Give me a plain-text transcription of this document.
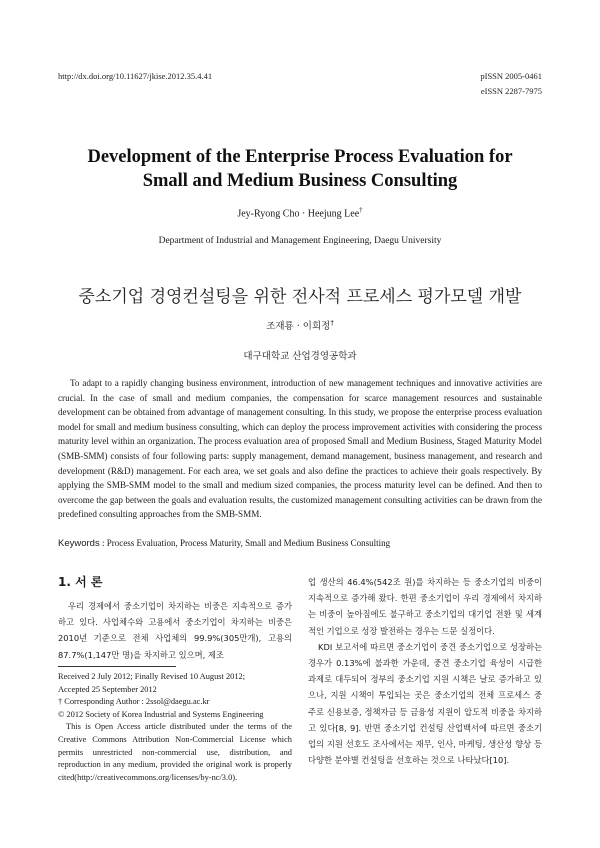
http://dx.doi.org/10.11627/jkise.2012.35.4.41	pISSN 2005-0461
eISSN 2287-7975
Development of the Enterprise Process Evaluation for
Small and Medium Business Consulting
Jey-Ryong Cho · Heejung Lee†
Department of Industrial and Management Engineering, Daegu University
중소기업 경영컨설팅을 위한 전사적 프로세스 평가모델 개발
조재룡 · 이희정†
대구대학교 산업경영공학과

To adapt to a rapidly changing business environment, introduction of new management techniques and innovative activities are crucial. In the case of small and medium companies, the compensation for scarce management resources and sustainable development can be obtained from advantage of management consulting. In this study, we propose the enterprise process evaluation model for small and medium business consulting, which can deploy the process improvement activities with considering the process maturity level within an organization. The process evaluation area of proposed Small and Medium Business, Staged Maturity Model (SMB-SMM) consists of four following parts: supply management, demand management, business management, and research and development (R&D) management. For each area, we set goals and also define the practices to achieve their goals respectively. By applying the SMB-SMM model to the small and medium sized companies, the process maturity level can be defined. And then to overcome the gap between the goals and evaluation results, the customized management consulting activities can be drawn from the predefined consulting approaches from the SMB-SMM.

Keywords : Process Evaluation, Process Maturity, Small and Medium Business Consulting
1. 서 론

우리 경제에서 중소기업이 차지하는 비중은 지속적으로 증가하고 있다. 사업체수와 고용에서 중소기업이 차지하는 비중은 2010년 기준으로 전체 사업체의 99.9%(305만개), 고용의 87.7%(1,147만 명)을 차지하고 있으며, 제조

Received 2 July 2012; Finally Revised 10 August 2012;
Accepted 25 September 2012
† Corresponding Author : 2ssol@daegu.ac.kr
© 2012 Society of Korea Industrial and Systems Engineering
This is Open Access article distributed under the terms of the Creative Commons Attribution Non-Commercial License which permits unrestricted non-commercial use, distribution, and reproduction in any medium, provided the original work is properly cited(http://creativecommons.org/licenses/by-nc/3.0).

업 생산의 46.4%(542조 원)를 차지하는 등 중소기업의 비중이 지속적으로 증가해 왔다. 한편 중소기업이 우리 경제에서 차지하는 비중이 높아짐에도 불구하고 중소기업의 대기업 전환 및 세계적인 기업으로 성장 발전하는 경우는 드문 실정이다.

KDI 보고서에 따르면 중소기업이 중견 중소기업으로 성장하는 경우가 0.13%에 불과한 가운데, 중견 중소기업 육성이 시급한 과제로 대두되어 정부의 중소기업 지원 시책은 날로 증가하고 있으나, 지원 시책이 투입되는 곳은 중소기업의 전체 프로세스 중 주로 신용보증, 정책자금 등 금융성 지원이 압도적 비중을 차지하고 있다[8, 9]. 반면 중소기업 컨설팅 산업백서에 따르면 중소기업의 지원 선호도 조사에서는 재무, 인사, 마케팅, 생산성 향상 등 다양한 분야별 컨설팅을 선호하는 것으로 나타났다[10].
